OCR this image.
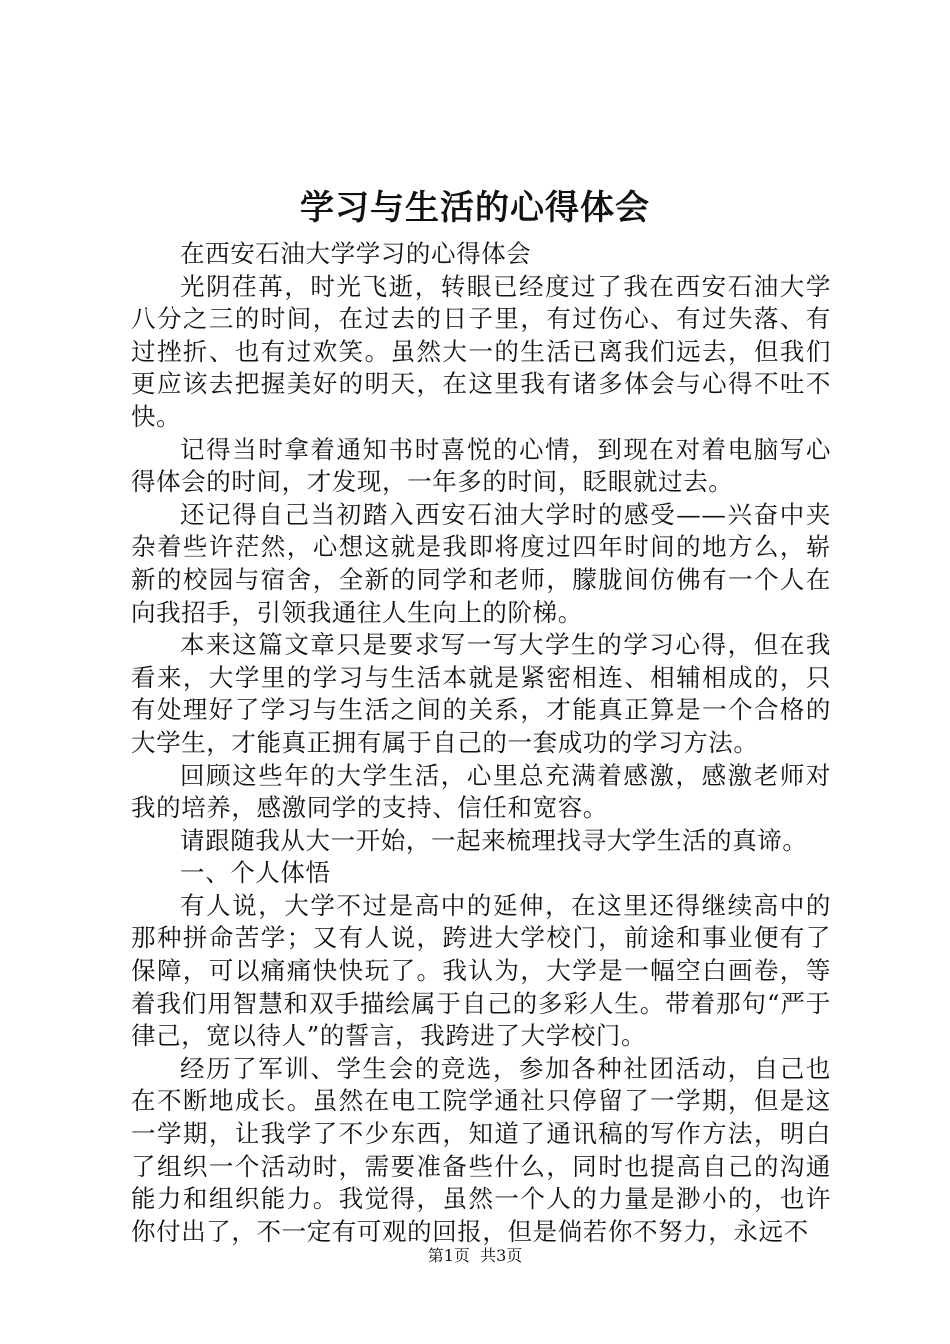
学习与生活的心得体会

在西安石油大学学习的心得体会

光阴荏苒，时光飞逝，转眼已经度过了我在西安石油大学八分之三的时间，在过去的日子里，有过伤心、有过失落、有过挫折、也有过欢笑。虽然大一的生活已离我们远去，但我们更应该去把握美好的明天，在这里我有诸多体会与心得不吐不快。

记得当时拿着通知书时喜悦的心情，到现在对着电脑写心得体会的时间，才发现，一年多的时间，眨眼就过去。

还记得自己当初踏入西安石油大学时的感受——兴奋中夹杂着些许茫然，心想这就是我即将度过四年时间的地方么，崭新的校园与宿舍，全新的同学和老师，朦胧间仿佛有一个人在向我招手，引领我通往人生向上的阶梯。

本来这篇文章只是要求写一写大学生的学习心得，但在我看来，大学里的学习与生活本就是紧密相连、相辅相成的，只有处理好了学习与生活之间的关系，才能真正算是一个合格的大学生，才能真正拥有属于自己的一套成功的学习方法。

回顾这些年的大学生活，心里总充满着感激，感激老师对我的培养，感激同学的支持、信任和宽容。

请跟随我从大一开始，一起来梳理找寻大学生活的真谛。

一、个人体悟

有人说，大学不过是高中的延伸，在这里还得继续高中的那种拼命苦学；又有人说，跨进大学校门，前途和事业便有了保障，可以痛痛快快玩了。我认为，大学是一幅空白画卷，等着我们用智慧和双手描绘属于自己的多彩人生。带着那句“严于律己，宽以待人”的誓言，我跨进了大学校门。

经历了军训、学生会的竞选，参加各种社团活动，自己也在不断地成长。虽然在电工院学通社只停留了一学期，但是这一学期，让我学了不少东西，知道了通讯稿的写作方法，明白了组织一个活动时，需要准备些什么，同时也提高自己的沟通能力和组织能力。我觉得，虽然一个人的力量是渺小的，也许你付出了，不一定有可观的回报，但是倘若你不努力，永远不

第1页  共3页
